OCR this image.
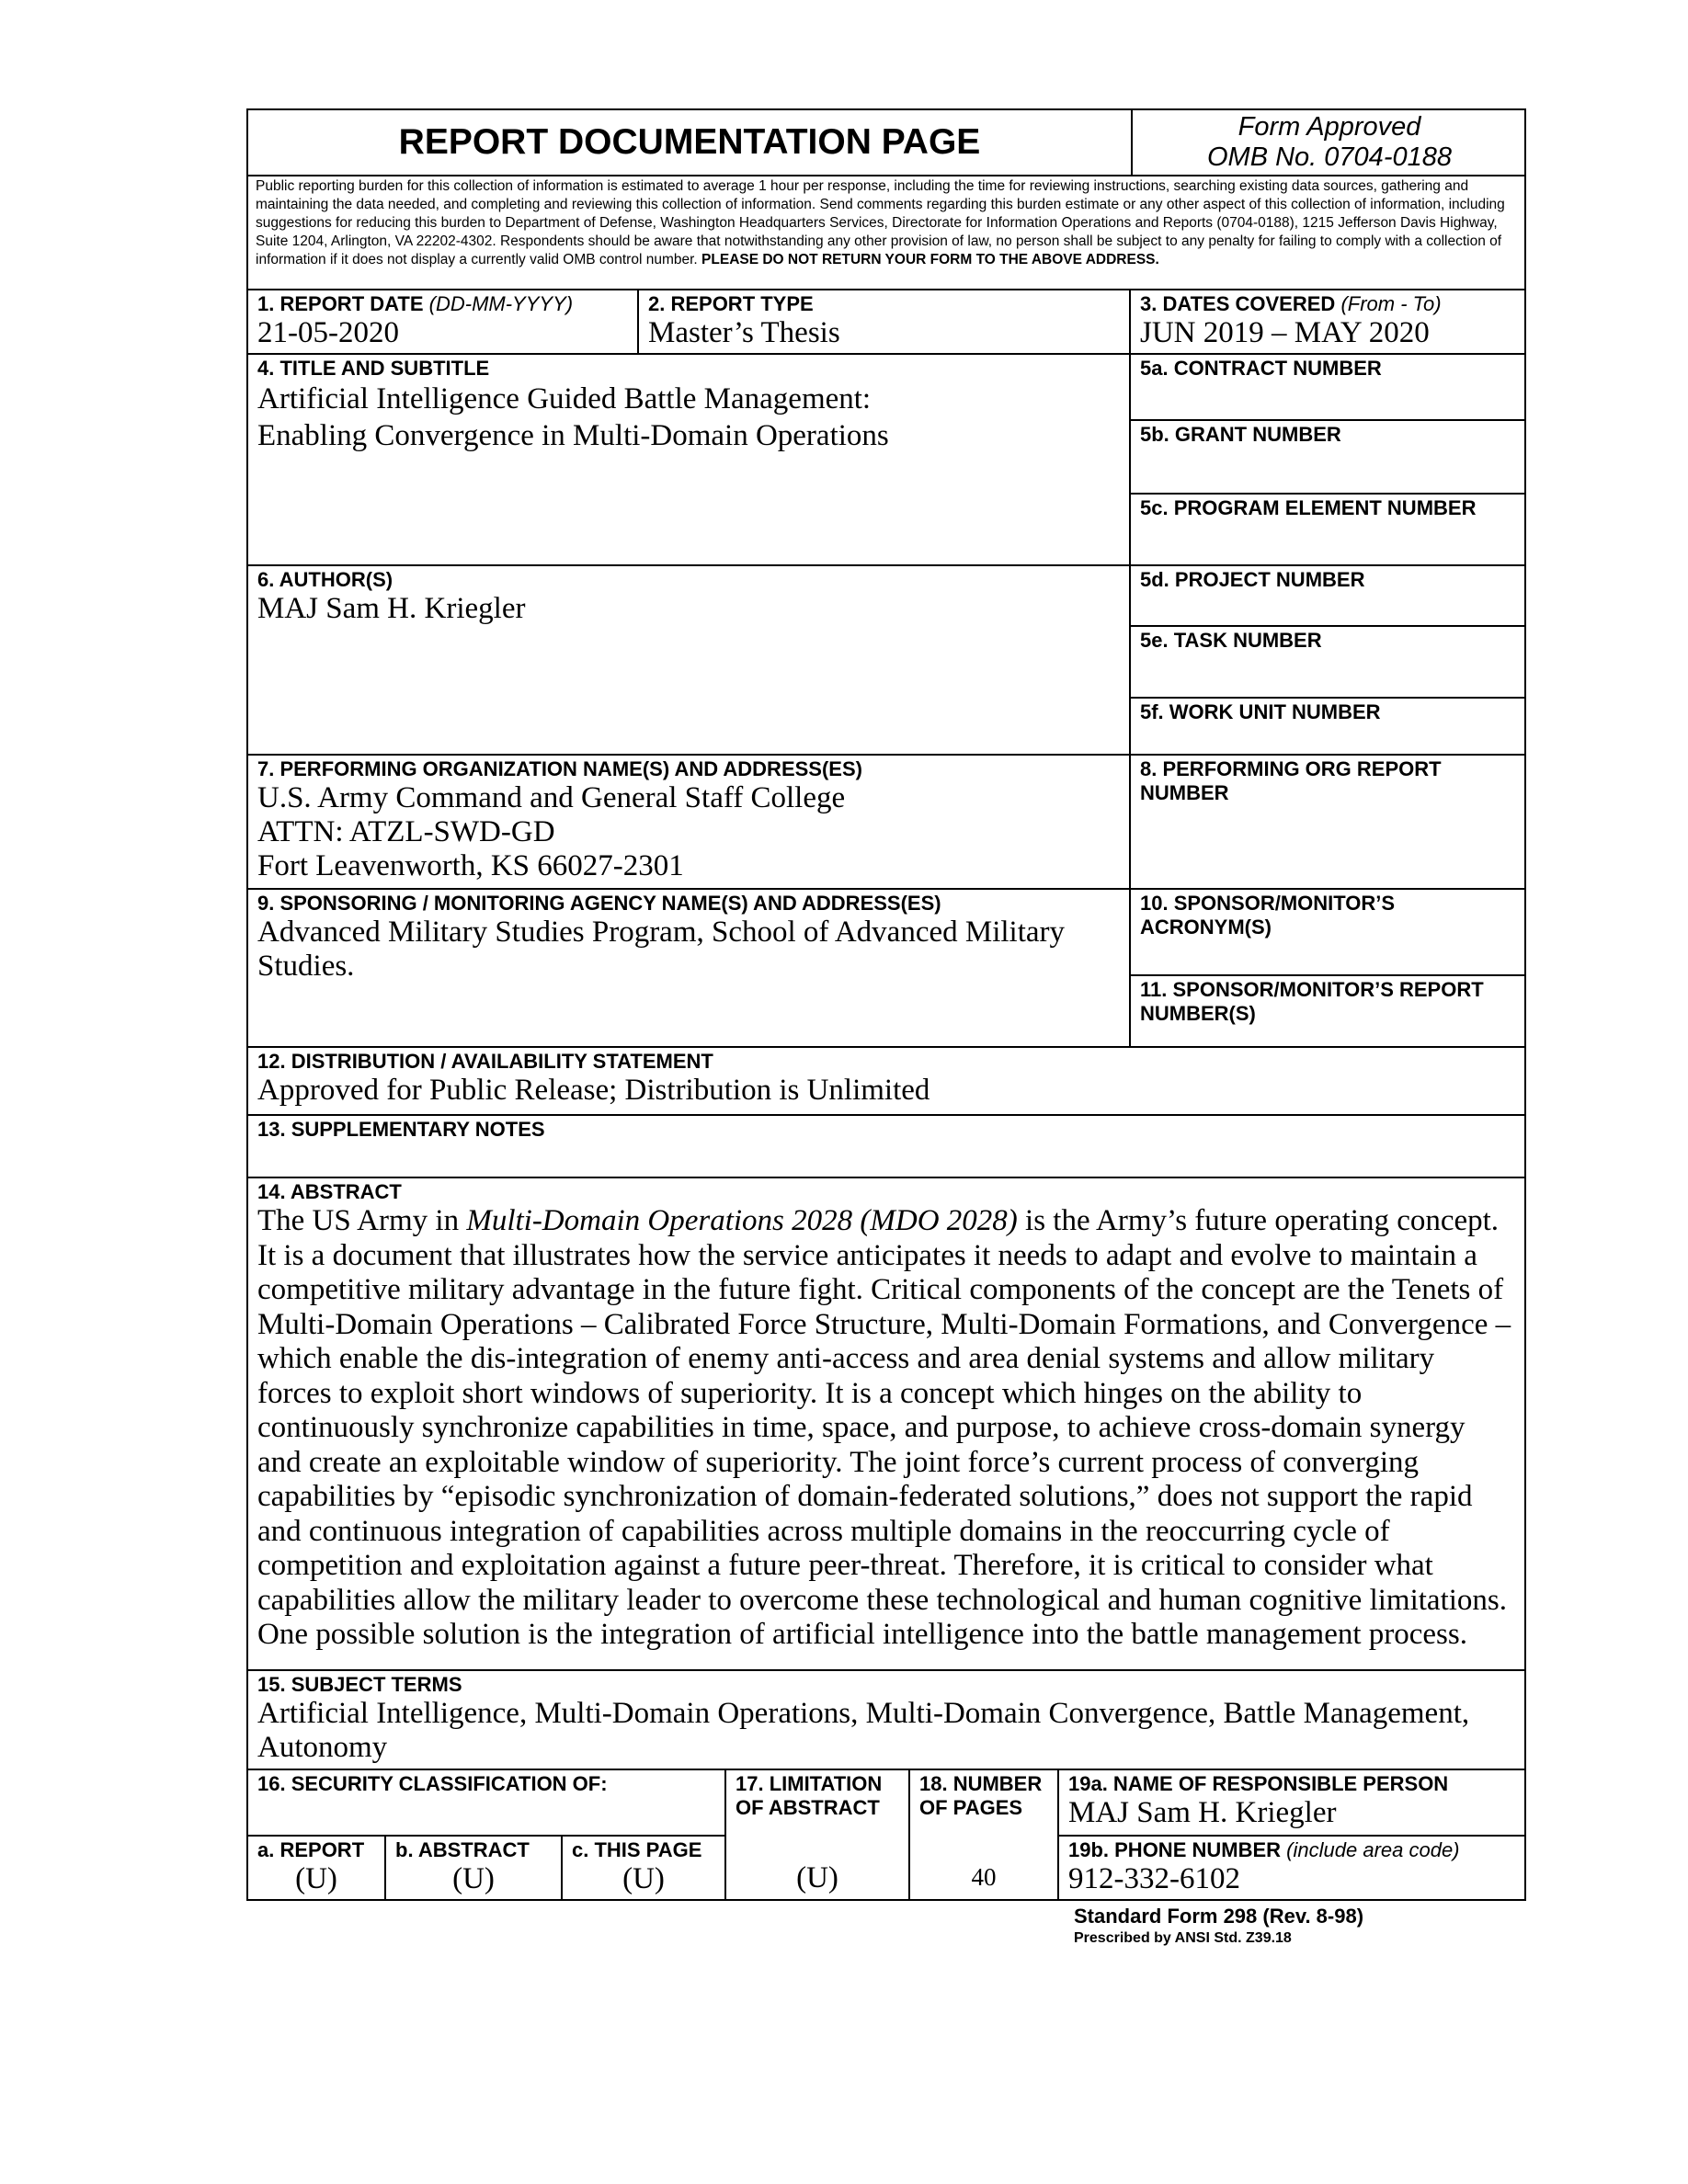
REPORT DOCUMENTATION PAGE	Form Approved
OMB No. 0704-0188
Public reporting burden for this collection of information is estimated to average 1 hour per response, including the time for reviewing instructions, searching existing data sources, gathering and maintaining the data needed, and completing and reviewing this collection of information. Send comments regarding this burden estimate or any other aspect of this collection of information, including suggestions for reducing this burden to Department of Defense, Washington Headquarters Services, Directorate for Information Operations and Reports (0704-0188), 1215 Jefferson Davis Highway, Suite 1204, Arlington, VA 22202-4302. Respondents should be aware that notwithstanding any other provision of law, no person shall be subject to any penalty for failing to comply with a collection of information if it does not display a currently valid OMB control number. PLEASE DO NOT RETURN YOUR FORM TO THE ABOVE ADDRESS.
1. REPORT DATE (DD-MM-YYYY)
21-05-2020
2. REPORT TYPE
Master’s Thesis
3. DATES COVERED (From - To)
JUN 2019 – MAY 2020
4. TITLE AND SUBTITLE
Artificial Intelligence Guided Battle Management:
Enabling Convergence in Multi-Domain Operations
5a. CONTRACT NUMBER
5b. GRANT NUMBER
5c. PROGRAM ELEMENT NUMBER
6. AUTHOR(S)
MAJ Sam H. Kriegler
5d. PROJECT NUMBER
5e. TASK NUMBER
5f. WORK UNIT NUMBER
7. PERFORMING ORGANIZATION NAME(S) AND ADDRESS(ES)
U.S. Army Command and General Staff College
ATTN: ATZL-SWD-GD
Fort Leavenworth, KS 66027-2301
8. PERFORMING ORG REPORT
NUMBER
9. SPONSORING / MONITORING AGENCY NAME(S) AND ADDRESS(ES)
Advanced Military Studies Program, School of Advanced Military
Studies.
10. SPONSOR/MONITOR’S
ACRONYM(S)
11. SPONSOR/MONITOR’S REPORT
NUMBER(S)
12. DISTRIBUTION / AVAILABILITY STATEMENT
Approved for Public Release; Distribution is Unlimited
13. SUPPLEMENTARY NOTES
14. ABSTRACT
The US Army in Multi-Domain Operations 2028 (MDO 2028) is the Army’s future operating concept. It is a document that illustrates how the service anticipates it needs to adapt and evolve to maintain a competitive military advantage in the future fight. Critical components of the concept are the Tenets of Multi-Domain Operations – Calibrated Force Structure, Multi-Domain Formations, and Convergence – which enable the dis-integration of enemy anti-access and area denial systems and allow military forces to exploit short windows of superiority. It is a concept which hinges on the ability to continuously synchronize capabilities in time, space, and purpose, to achieve cross-domain synergy and create an exploitable window of superiority. The joint force’s current process of converging capabilities by “episodic synchronization of domain-federated solutions,” does not support the rapid and continuous integration of capabilities across multiple domains in the reoccurring cycle of competition and exploitation against a future peer-threat. Therefore, it is critical to consider what capabilities allow the military leader to overcome these technological and human cognitive limitations. One possible solution is the integration of artificial intelligence into the battle management process.
15. SUBJECT TERMS
Artificial Intelligence, Multi-Domain Operations, Multi-Domain Convergence, Battle Management,
Autonomy
16. SECURITY CLASSIFICATION OF:
a. REPORT
(U)
b. ABSTRACT
(U)
c. THIS PAGE
(U)
17. LIMITATION
OF ABSTRACT
(U)
18. NUMBER
OF PAGES
40
19a. NAME OF RESPONSIBLE PERSON
MAJ Sam H. Kriegler
19b. PHONE NUMBER (include area code)
912-332-6102
Standard Form 298 (Rev. 8-98)
Prescribed by ANSI Std. Z39.18
